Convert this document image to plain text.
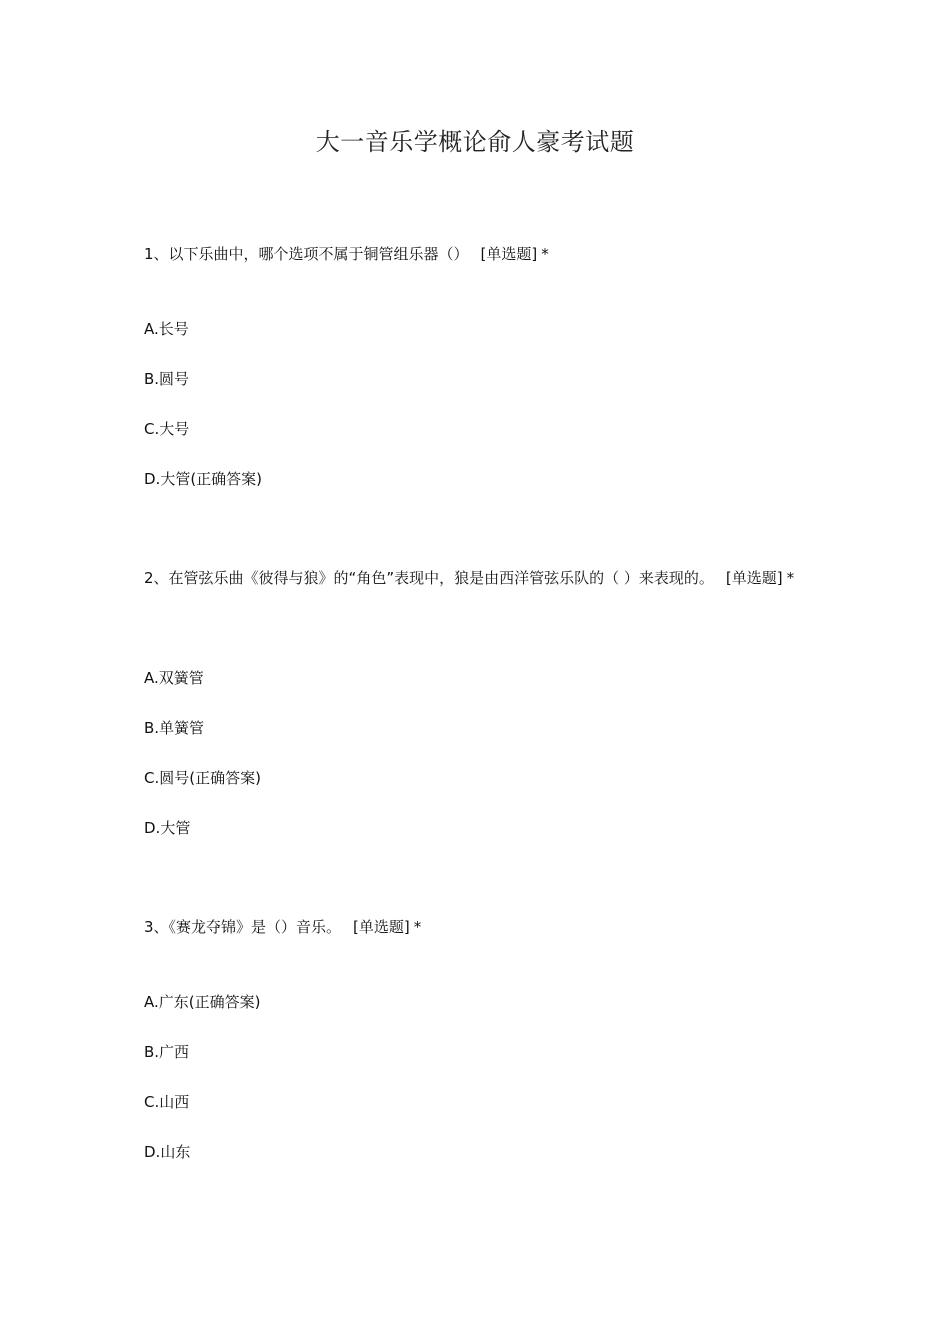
大一音乐学概论俞人豪考试题
1、以下乐曲中，哪个选项不属于铜管组乐器（） [单选题] *
A.长号
B.圆号
C.大号
D.大管(正确答案)
2、在管弦乐曲《彼得与狼》的“角色”表现中，狼是由西洋管弦乐队的（ ）来表现的。 [单选题] *
A.双簧管
B.单簧管
C.圆号(正确答案)
D.大管
3、《赛龙夺锦》是（）音乐。 [单选题] *
A.广东(正确答案)
B.广西
C.山西
D.山东
